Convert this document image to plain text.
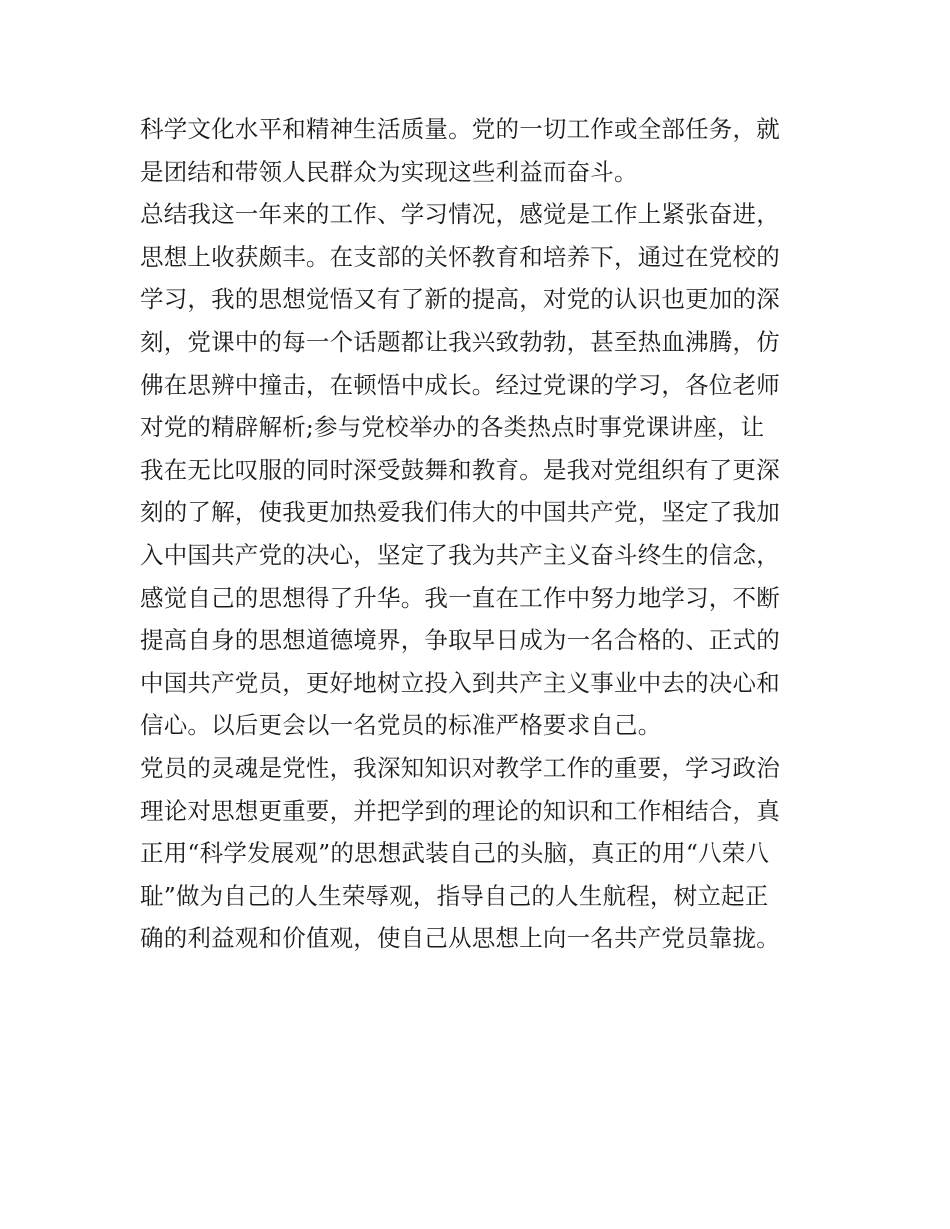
科学文化水平和精神生活质量。党的一切工作或全部任务，就
是团结和带领人民群众为实现这些利益而奋斗。
总结我这一年来的工作、学习情况，感觉是工作上紧张奋进，
思想上收获颇丰。在支部的关怀教育和培养下，通过在党校的
学习，我的思想觉悟又有了新的提高，对党的认识也更加的深
刻，党课中的每一个话题都让我兴致勃勃，甚至热血沸腾，仿
佛在思辨中撞击，在顿悟中成长。经过党课的学习，各位老师
对党的精辟解析;参与党校举办的各类热点时事党课讲座，让
我在无比叹服的同时深受鼓舞和教育。是我对党组织有了更深
刻的了解，使我更加热爱我们伟大的中国共产党，坚定了我加
入中国共产党的决心，坚定了我为共产主义奋斗终生的信念，
感觉自己的思想得了升华。我一直在工作中努力地学习，不断
提高自身的思想道德境界，争取早日成为一名合格的、正式的
中国共产党员，更好地树立投入到共产主义事业中去的决心和
信心。以后更会以一名党员的标准严格要求自己。
党员的灵魂是党性，我深知知识对教学工作的重要，学习政治
理论对思想更重要，并把学到的理论的知识和工作相结合，真
正用“科学发展观”的思想武装自己的头脑，真正的用“八荣八
耻”做为自己的人生荣辱观，指导自己的人生航程，树立起正
确的利益观和价值观，使自己从思想上向一名共产党员靠拢。
